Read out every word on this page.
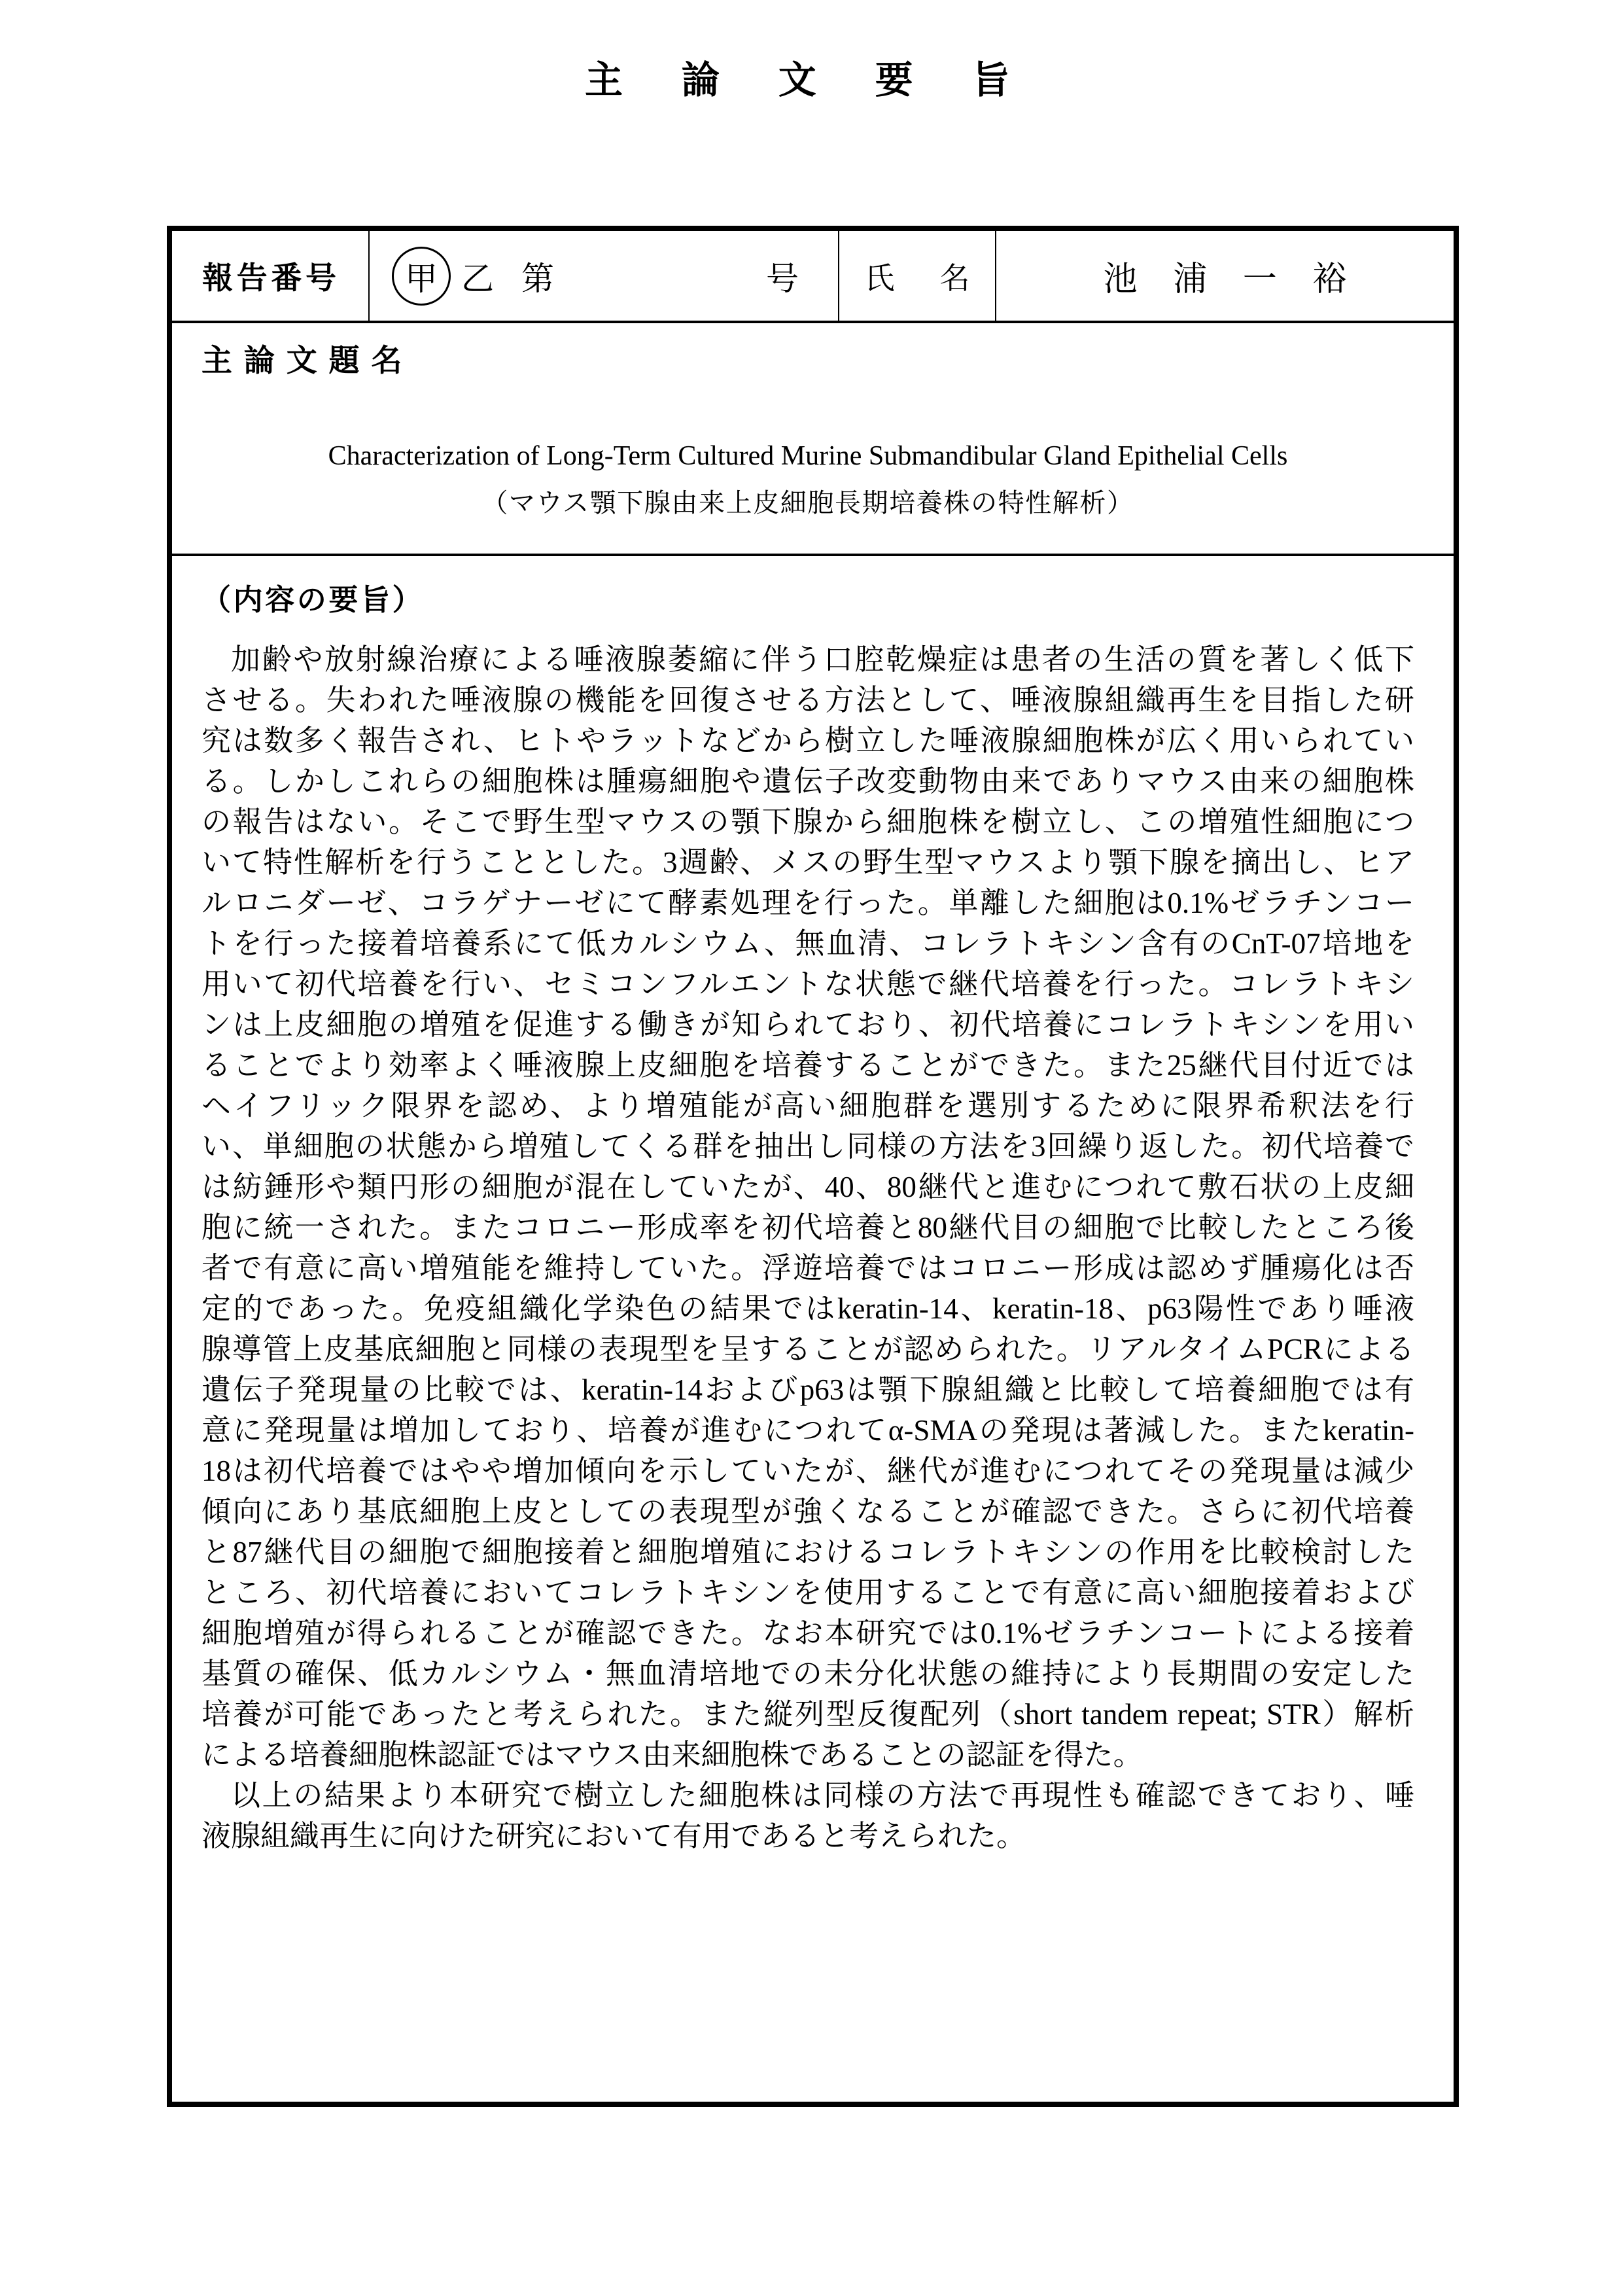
主論文要旨
報告番号	甲 乙 第	号 氏名	池浦一裕
主論文題名
Characterization of Long-Term Cultured Murine Submandibular Gland Epithelial Cells
（マウス顎下腺由来上皮細胞長期培養株の特性解析）
（内容の要旨）
加齢や放射線治療による唾液腺萎縮に伴う口腔乾燥症は患者の生活の質を著しく低下
させる。失われた唾液腺の機能を回復させる方法として、唾液腺組織再生を目指した研
究は数多く報告され、ヒトやラットなどから樹立した唾液腺細胞株が広く用いられてい
る。しかしこれらの細胞株は腫瘍細胞や遺伝子改変動物由来でありマウス由来の細胞株
の報告はない。そこで野生型マウスの顎下腺から細胞株を樹立し、この増殖性細胞につ
いて特性解析を行うこととした。3週齢、メスの野生型マウスより顎下腺を摘出し、ヒア
ルロニダーゼ、コラゲナーゼにて酵素処理を行った。単離した細胞は0.1%ゼラチンコー
トを行った接着培養系にて低カルシウム、無血清、コレラトキシン含有のCnT-07培地を
用いて初代培養を行い、セミコンフルエントな状態で継代培養を行った。コレラトキシ
ンは上皮細胞の増殖を促進する働きが知られており、初代培養にコレラトキシンを用い
ることでより効率よく唾液腺上皮細胞を培養することができた。また25継代目付近では
ヘイフリック限界を認め、より増殖能が高い細胞群を選別するために限界希釈法を行
い、単細胞の状態から増殖してくる群を抽出し同様の方法を3回繰り返した。初代培養で
は紡錘形や類円形の細胞が混在していたが、40、80継代と進むにつれて敷石状の上皮細
胞に統一された。またコロニー形成率を初代培養と80継代目の細胞で比較したところ後
者で有意に高い増殖能を維持していた。浮遊培養ではコロニー形成は認めず腫瘍化は否
定的であった。免疫組織化学染色の結果ではkeratin-14、keratin-18、p63陽性であり唾液
腺導管上皮基底細胞と同様の表現型を呈することが認められた。リアルタイムPCRによる
遺伝子発現量の比較では、keratin-14およびp63は顎下腺組織と比較して培養細胞では有
意に発現量は増加しており、培養が進むにつれてα-SMAの発現は著減した。またkeratin-
18は初代培養ではやや増加傾向を示していたが、継代が進むにつれてその発現量は減少
傾向にあり基底細胞上皮としての表現型が強くなることが確認できた。さらに初代培養
と87継代目の細胞で細胞接着と細胞増殖におけるコレラトキシンの作用を比較検討した
ところ、初代培養においてコレラトキシンを使用することで有意に高い細胞接着および
細胞増殖が得られることが確認できた。なお本研究では0.1%ゼラチンコートによる接着
基質の確保、低カルシウム・無血清培地での未分化状態の維持により長期間の安定した
培養が可能であったと考えられた。また縦列型反復配列（short tandem repeat; STR）解析
による培養細胞株認証ではマウス由来細胞株であることの認証を得た。
以上の結果より本研究で樹立した細胞株は同様の方法で再現性も確認できており、唾
液腺組織再生に向けた研究において有用であると考えられた。
